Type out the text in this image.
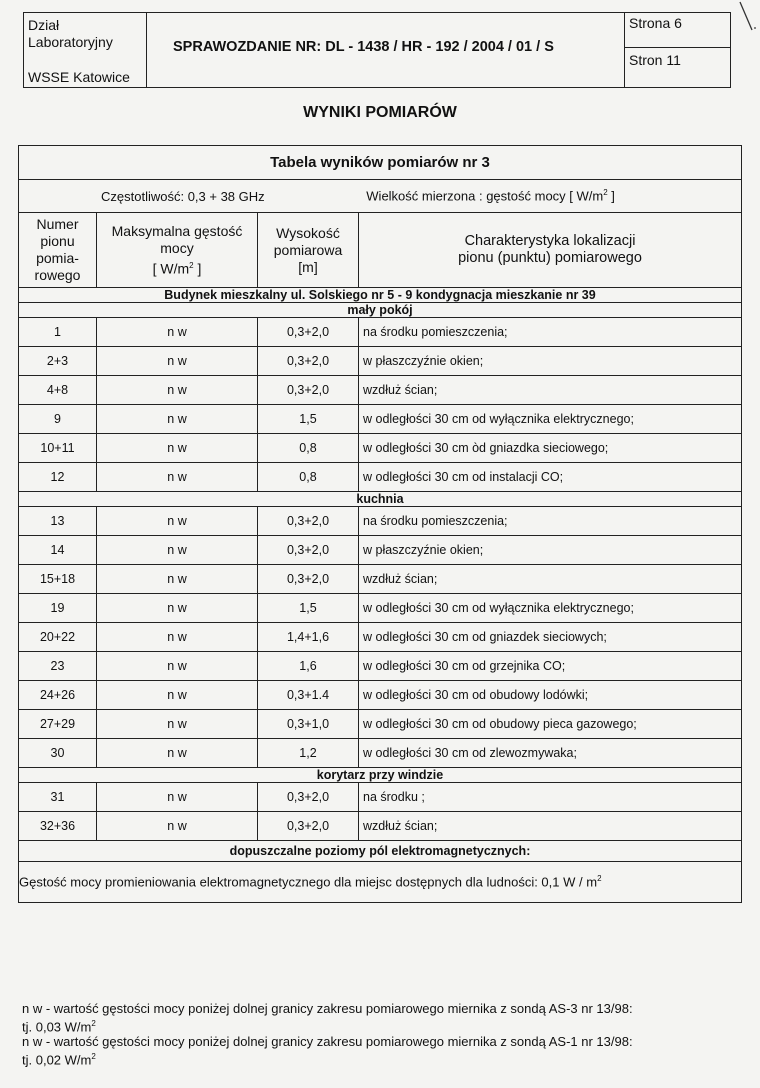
Dział
Laboratoryjny
WSSE Katowice
SPRAWOZDANIE NR: DL - 1438 / HR - 192 / 2004 / 01 / S
Strona 6
Stron 11
WYNIKI POMIARÓW
Tabela wyników pomiarów nr 3			
Częstotliwość: 0,3 + 38 GHz Wielkość mierzona : gęstość mocy [ $W/m^2$ ]			

Numer
pionu
pomia-
rowego

Maksymalna gęstość
mocy
[ $W/m^2$ ]

Wysokość
pomiarowa
[m]

Charakterystyka lokalizacji
pionu (punktu) pomiarowego

Budynek mieszkalny ul. Solskiego nr 5 - 9 kondygnacja mieszkanie nr 39			
mały pokój			
1	n w	0,3+2,0	na środku pomieszczenia;
2+3	n w	0,3+2,0	w płaszczyźnie okien;
4+8	n w	0,3+2,0	wzdłuż ścian;
9	n w	1,5	w odległości 30 cm od wyłącznika elektrycznego;
10+11	n w	0,8	w odległości 30 cm òd gniazdka sieciowego;
12	n w	0,8	w odległości 30 cm od instalacji CO;
kuchnia			
13	n w	0,3+2,0	na środku pomieszczenia;
14	n w	0,3+2,0	w płaszczyźnie okien;
15+18	n w	0,3+2,0	wzdłuż ścian;
19	n w	1,5	w odległości 30 cm od wyłącznika elektrycznego;
20+22	n w	1,4+1,6	w odległości 30 cm od gniazdek sieciowych;
23	n w	1,6	w odległości 30 cm od grzejnika CO;
24+26	n w	0,3+1.4	w odległości 30 cm od obudowy lodówki;
27+29	n w	0,3+1,0	w odległości 30 cm od obudowy pieca gazowego;
30	n w	1,2	w odległości 30 cm od zlewozmywaka;
korytarz przy windzie			
31	n w	0,3+2,0	na środku ;
32+36	n w	0,3+2,0	wzdłuż ścian;
dopuszczalne poziomy pól elektromagnetycznych:			
Gęstość mocy promieniowania elektromagnetycznego dla miejsc dostępnych dla ludności: 0,1 W / $m^2$
n w - wartość gęstości mocy poniżej dolnej granicy zakresu pomiarowego miernika z sondą AS-3 nr 13/98:
tj. 0,03 $W/m^2$
n w - wartość gęstości mocy poniżej dolnej granicy zakresu pomiarowego miernika z sondą AS-1 nr 13/98:
tj. 0,02 $W/m^2$
